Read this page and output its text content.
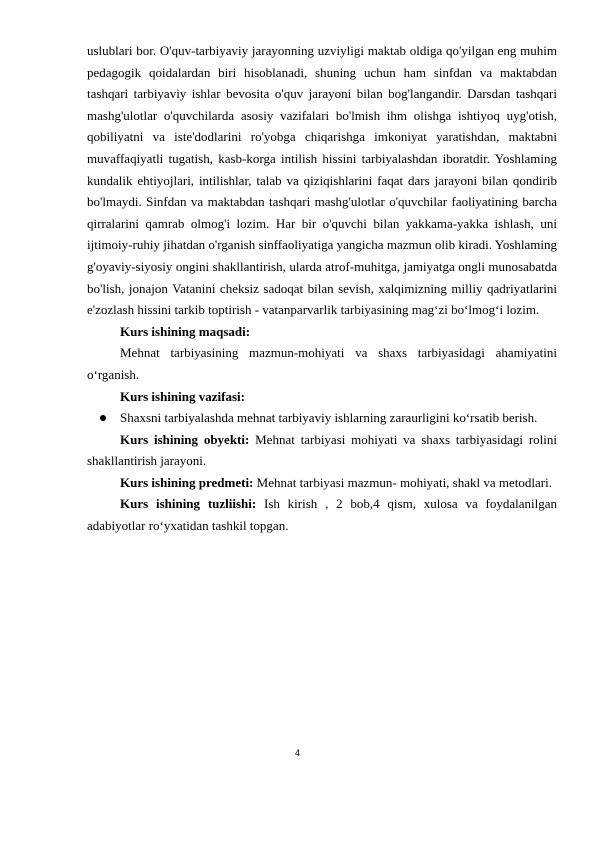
uslublari bor. O'quv-tarbiyaviy jarayonning uzviyligi maktab oldiga qo'yilgan eng muhim pedagogik qoidalardan biri hisoblanadi, shuning uchun ham sinfdan va maktabdan tashqari tarbiyaviy ishlar bevosita o'quv jarayoni bilan bog'langandir. Darsdan tashqari mashg'ulotlar o'quvchilarda asosiy vazifalari bo'lmish ihm olishga ishtiyoq uyg'otish, qobiliyatni va iste'dodlarini ro'yobga chiqarishga imkoniyat yaratishdan, maktabni muvaffaqiyatli tugatish, kasb-korga intilish hissini tarbiyalashdan iboratdir. Yoshlaming kundalik ehtiyojlari, intilishlar, talab va qiziqishlarini faqat dars jarayoni bilan qondirib bo'lmaydi. Sinfdan va maktabdan tashqari mashg'ulotlar o'quvchilar faoliyatining barcha qirralarini qamrab olmog'i lozim. Har bir o'quvchi bilan yakkama-yakka ishlash, uni ijtimoiy-ruhiy jihatdan o'rganish sinffaoliyatiga yangicha mazmun olib kiradi. Yoshlaming g'oyaviy-siyosiy ongini shakllantirish, ularda atrof-muhitga, jamiyatga ongli munosabatda bo'lish, jonajon Vatanini cheksiz sadoqat bilan sevish, xalqimizning milliy qadriyatlarini e'zozlash hissini tarkib toptirish - vatanparvarlik tarbiyasining mag‘zi bo‘lmog‘i lozim.

Kurs ishining maqsadi:

Mehnat tarbiyasining mazmun-mohiyati va shaxs tarbiyasidagi ahamiyatini o‘rganish.

Kurs ishining vazifasi:

Shaxsni tarbiyalashda mehnat tarbiyaviy ishlarning zaraurligini ko‘rsatib berish.

Kurs ishining obyekti: Mehnat tarbiyasi mohiyati va shaxs tarbiyasidagi rolini shakllantirish jarayoni.

Kurs ishining predmeti: Mehnat tarbiyasi mazmun- mohiyati, shakl va metodlari.

Kurs ishining tuzliishi: Ish kirish , 2 bob,4 qism, xulosa va foydalanilgan adabiyotlar ro‘yxatidan tashkil topgan.

4
